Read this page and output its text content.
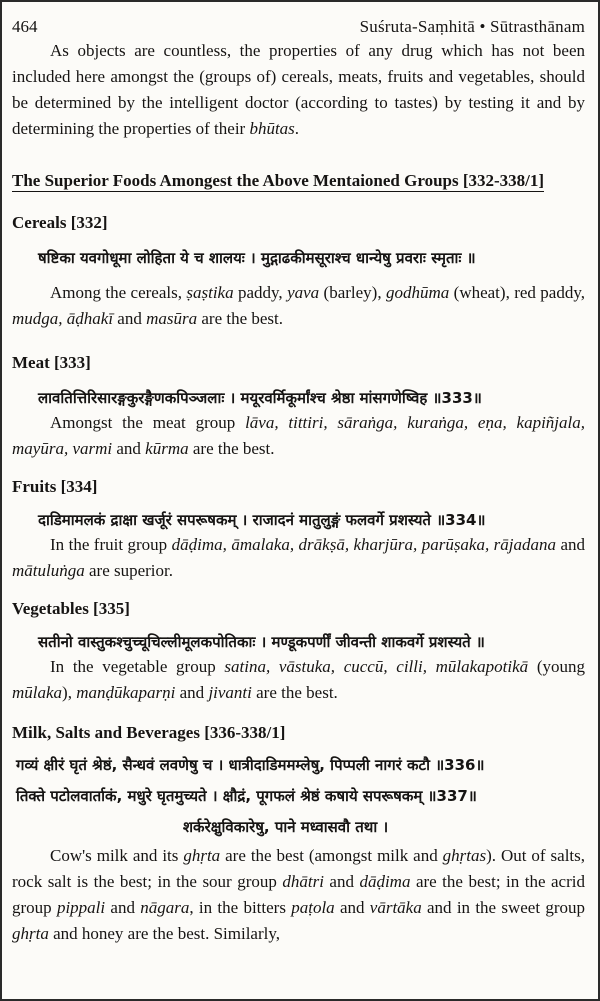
464	Suśruta-Saṃhitā • Sūtrasthānam

As objects are countless, the properties of any drug which has not been included here amongst the (groups of) cereals, meats, fruits and vegetables, should be determined by the intelligent doctor (according to tastes) by testing it and by determining the properties of their bhūtas.

The Superior Foods Amongest the Above Mentaioned Groups [332-338/1]
Cereals [332]
षष्टिका यवगोधूमा लोहिता ये च शालयः । मुद्गाढकीमसूराश्च धान्येषु प्रवराः स्मृताः ॥

Among the cereals, ṣaṣtika paddy, yava (barley), godhūma (wheat), red paddy, mudga, āḍhakī and masūra are the best.

Meat [333]
लावतित्तिरिसारङ्गकुरङ्गैणकपिञ्जलाः । मयूरवर्मिकूर्मांश्च श्रेष्ठा मांसगणेष्विह ॥333॥

Amongst the meat group lāva, tittiri, sāraṅga, kuraṅga, eṇa, kapiñjala, mayūra, varmi and kūrma are the best.

Fruits [334]
दाडिमामलकं द्राक्षा खर्जूरं सपरूषकम् । राजादनं मातुलुङ्गं फलवर्गे प्रशस्यते ॥334॥

In the fruit group dāḍima, āmalaka, drākṣā, kharjūra, parūṣaka, rājadana and mātuluṅga are superior.

Vegetables [335]
सतीनो वास्तुकश्चुच्चूचिल्लीमूलकपोतिकाः । मण्डूकपर्णीं जीवन्ती शाकवर्गे प्रशस्यते ॥

In the vegetable group satina, vāstuka, cuccū, cilli, mūlakapotikā (young mūlaka), manḍūkaparṇi and jivanti are the best.

Milk, Salts and Beverages [336-338/1]
गव्यं क्षीरं घृतं श्रेष्ठं, सैन्धवं लवणेषु च । धात्रीदाडिममम्लेषु, पिप्पली नागरं कटौ ॥336॥
तिक्ते पटोलवार्ताकं, मधुरे घृतमुच्यते । क्षौद्रं, पूगफलं श्रेष्ठं कषाये सपरूषकम् ॥337॥
शर्करेक्षुविकारेषु, पाने मध्वासवौ तथा ।

Cow's milk and its ghṛta are the best (amongst milk and ghṛtas). Out of salts, rock salt is the best; in the sour group dhātri and dāḍima are the best; in the acrid group pippali and nāgara, in the bitters paṭola and vārtāka and in the sweet group ghṛta and honey are the best. Similarly,
